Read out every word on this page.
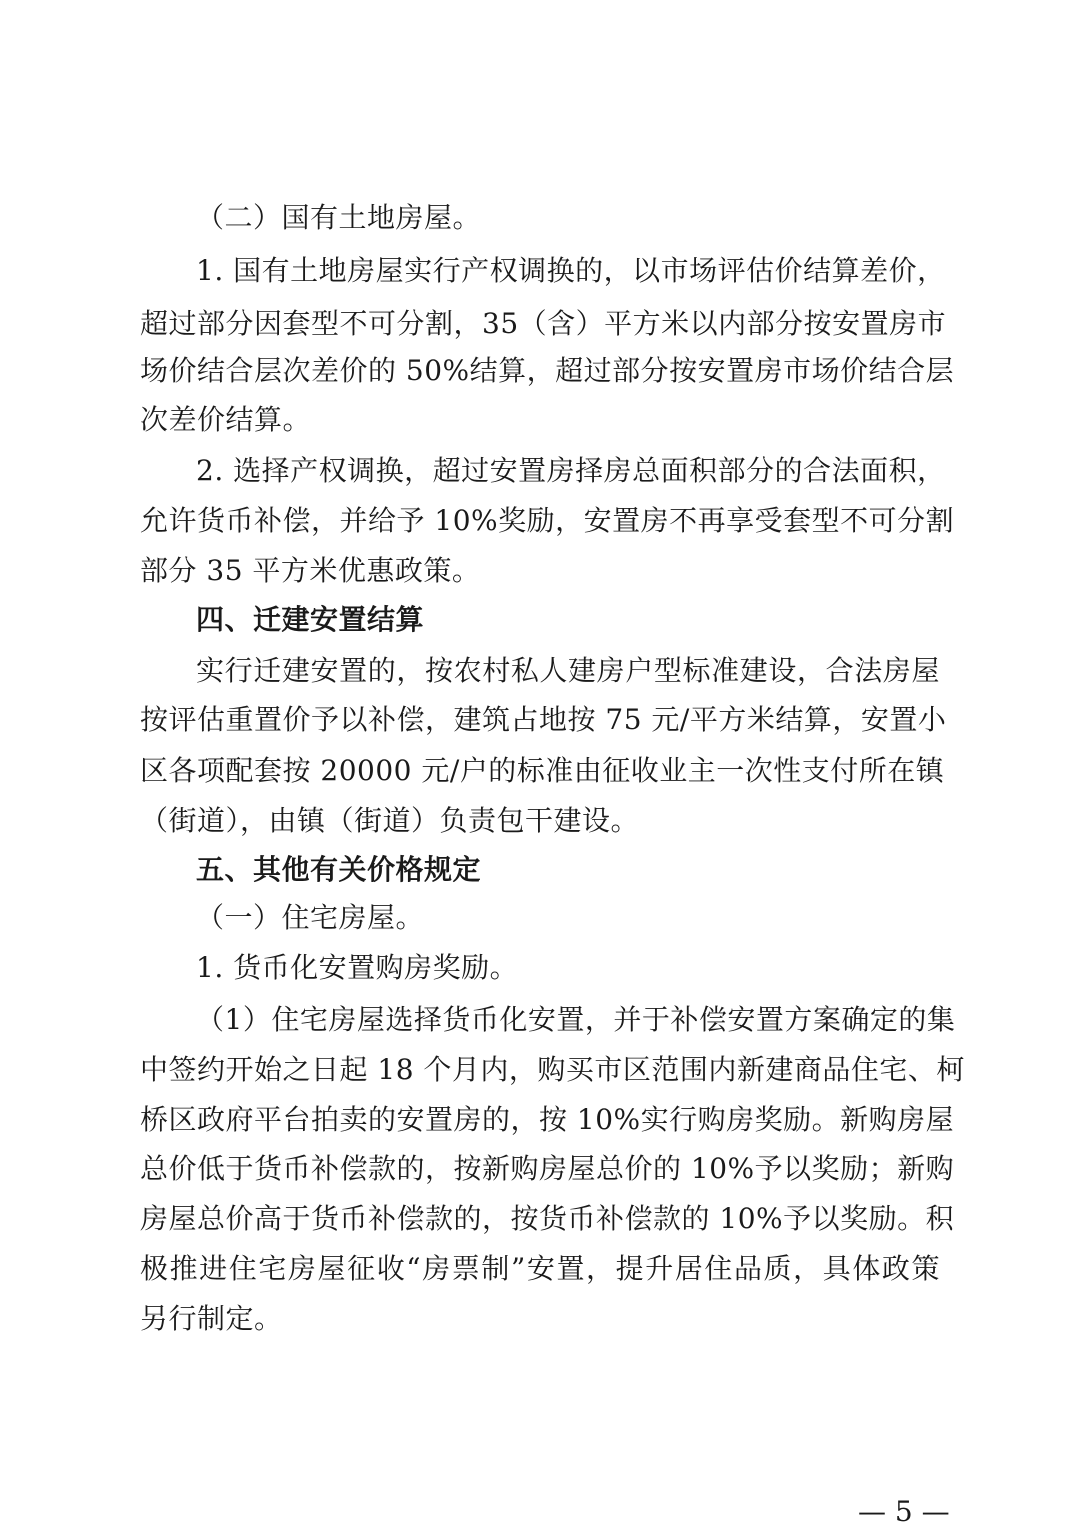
（二）国有土地房屋。
1. 国有土地房屋实行产权调换的，以市场评估价结算差价，
超过部分因套型不可分割，35（含）平方米以内部分按安置房市
场价结合层次差价的 50%结算，超过部分按安置房市场价结合层
次差价结算。
2. 选择产权调换，超过安置房择房总面积部分的合法面积，
允许货币补偿，并给予 10%奖励，安置房不再享受套型不可分割
部分 35 平方米优惠政策。
四、迁建安置结算
实行迁建安置的，按农村私人建房户型标准建设，合法房屋
按评估重置价予以补偿，建筑占地按 75 元/平方米结算，安置小
区各项配套按 20000 元/户的标准由征收业主一次性支付所在镇
（街道），由镇（街道）负责包干建设。
五、其他有关价格规定
（一）住宅房屋。
1. 货币化安置购房奖励。
（1）住宅房屋选择货币化安置，并于补偿安置方案确定的集
中签约开始之日起 18 个月内，购买市区范围内新建商品住宅、柯
桥区政府平台拍卖的安置房的，按 10%实行购房奖励。新购房屋
总价低于货币补偿款的，按新购房屋总价的 10%予以奖励；新购
房屋总价高于货币补偿款的，按货币补偿款的 10%予以奖励。积
极推进住宅房屋征收“房票制”安置，提升居住品质，具体政策
另行制定。
— 5 —
